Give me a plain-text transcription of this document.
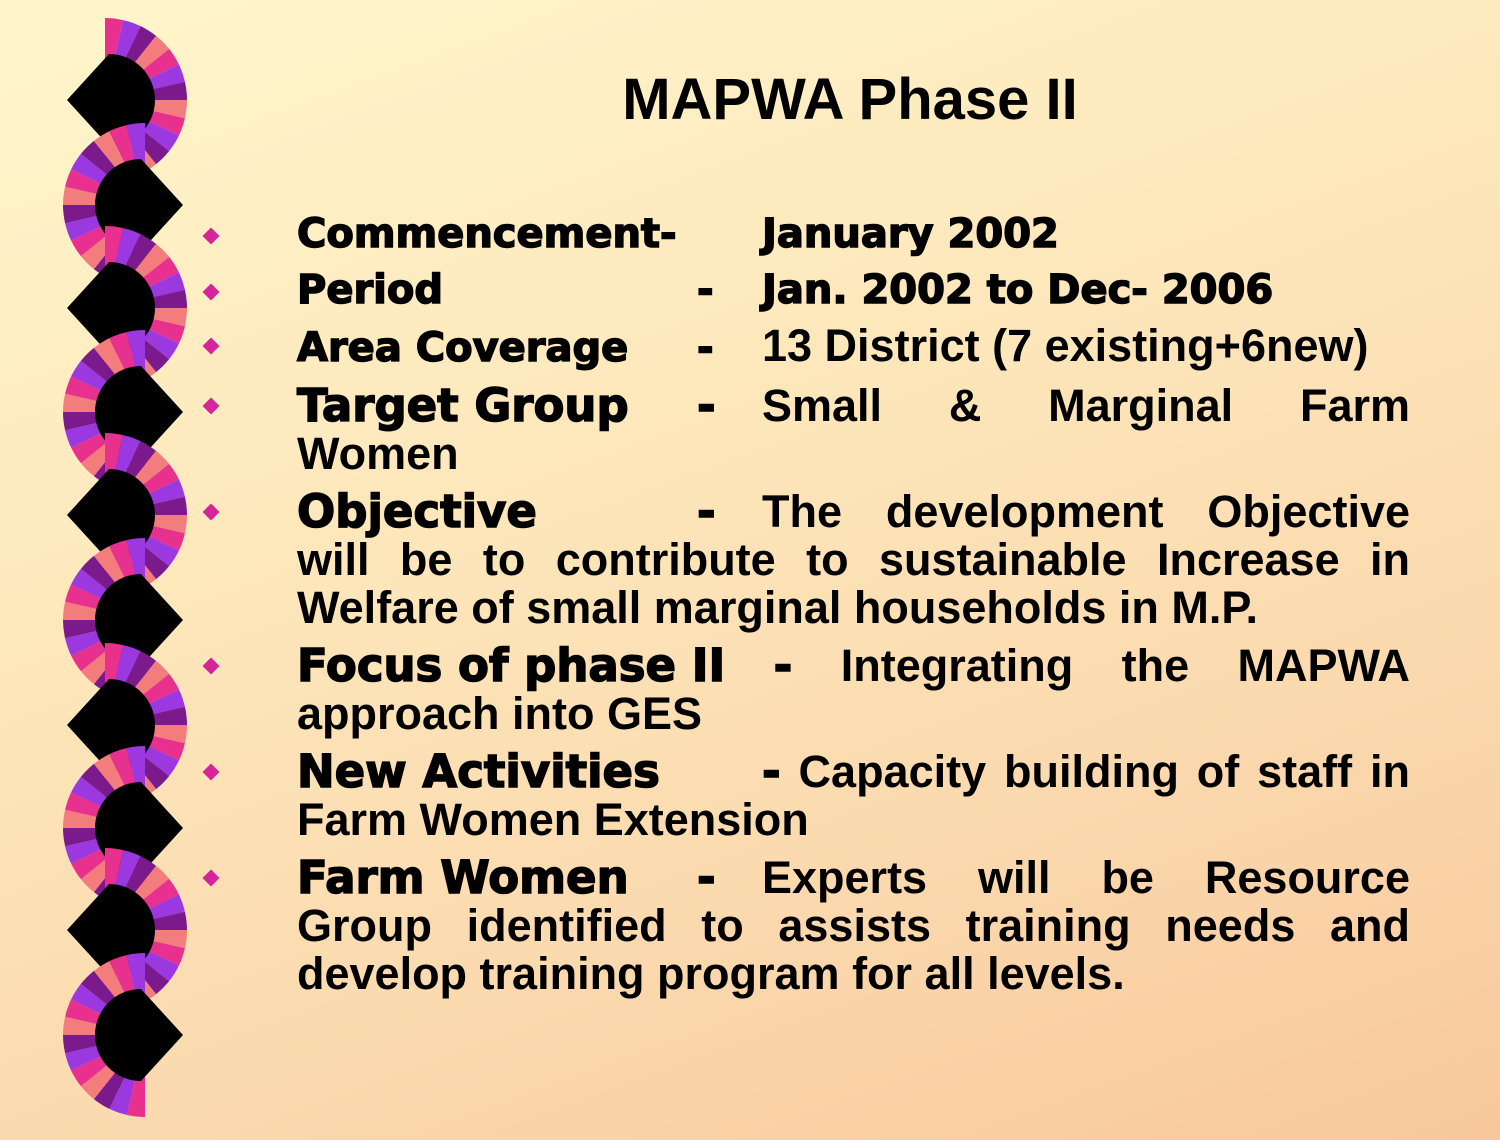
MAPWA Phase II
Commencement- January 2002
Period	- Jan. 2002 to Dec- 2006
Area Coverage - 13 District (7 existing+6new)
Target Group - Small & Marginal Farm Women
Objective	- The development Objective will be to contribute to sustainable Increase in Welfare of small marginal households in M.P.
Focus of phase II - Integrating the MAPWA approach into GES
New Activities - Capacity building of staff in Farm Women Extension
Farm Women - Experts will be Resource Group identified to assists training needs and develop training program for all levels.
